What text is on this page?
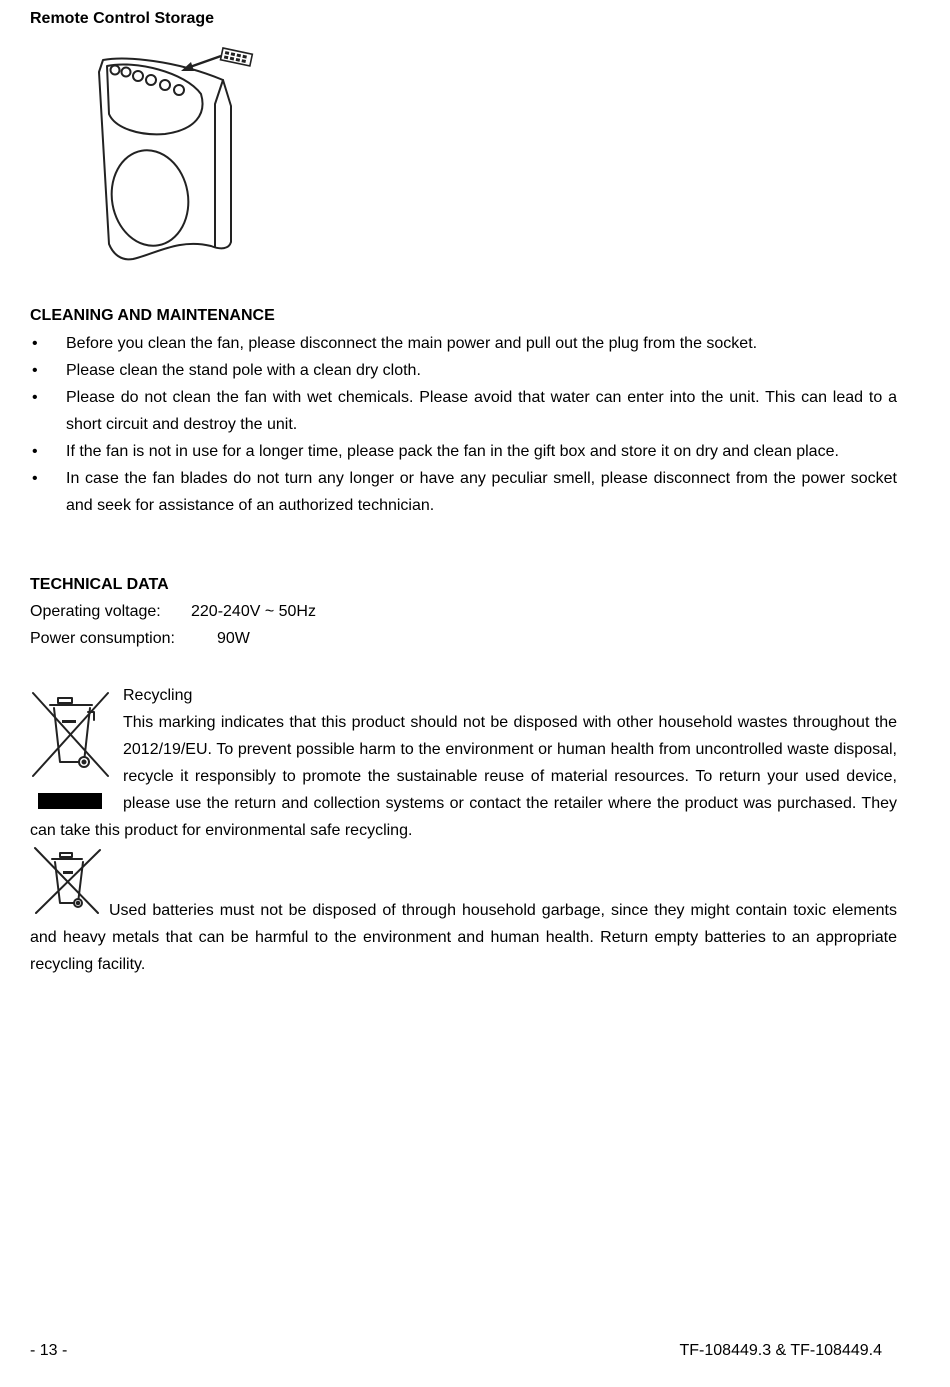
Remote Control Storage
CLEANING AND MAINTENANCE
• Before you clean the fan, please disconnect the main power and pull out the plug from the socket.
• Please clean the stand pole with a clean dry cloth.
• Please do not clean the fan with wet chemicals. Please avoid that water can enter into the unit. This can lead to a short circuit and destroy the unit.
• If the fan is not in use for a longer time, please pack the fan in the gift box and store it on dry and clean place.
• In case the fan blades do not turn any longer or have any peculiar smell, please disconnect from the power socket and seek for assistance of an authorized technician.
TECHNICAL DATA
Operating voltage: 220-240V ~ 50Hz
Power consumption:	90W
Recycling
This marking indicates that this product should not be disposed with other household wastes throughout the 2012/19/EU. To prevent possible harm to the environment or human health from uncontrolled waste disposal, recycle it responsibly to promote the sustainable reuse of material resources. To return your used device, please use the return and collection systems or contact the retailer where the product was purchased. They can take this product for environmental safe recycling.
Used batteries must not be disposed of through household garbage, since they might contain toxic elements and heavy metals that can be harmful to the environment and human health. Return empty batteries to an appropriate recycling facility.
- 13 -	TF-108449.3 & TF-108449.4
